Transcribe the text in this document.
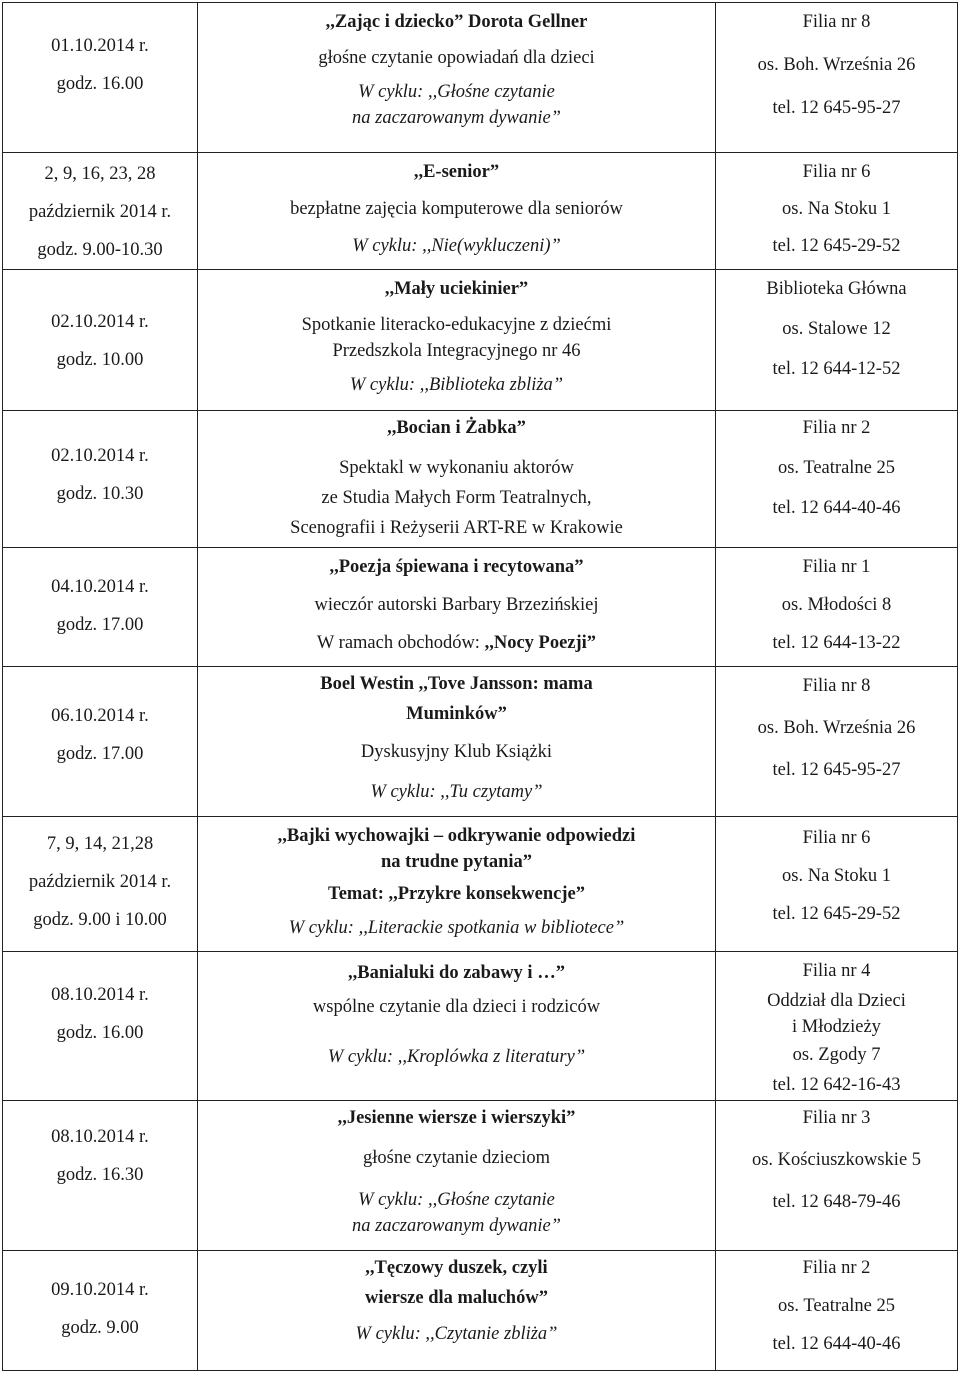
01.10.2014 r.
godz. 16.00	,,Zając i dziecko” Dorota Gellner
głośne czytanie opowiadań dla dzieci
W cyklu: ,,Głośne czytanie
na zaczarowanym dywanie”	Filia nr 8
os. Boh. Września 26
tel. 12 645-95-27

2, 9, 16, 23, 28
październik 2014 r.
godz. 9.00-10.30	,,E-senior”
bezpłatne zajęcia komputerowe dla seniorów
W cyklu: ,,Nie(wykluczeni)”	Filia nr 6
os. Na Stoku 1
tel. 12 645-29-52

02.10.2014 r.
godz. 10.00	,,Mały uciekinier”
Spotkanie literacko-edukacyjne z dziećmi
Przedszkola Integracyjnego nr 46
W cyklu: ,,Biblioteka zbliża”	Biblioteka Główna
os. Stalowe 12
tel. 12 644-12-52

02.10.2014 r.
godz. 10.30	,,Bocian i Żabka”
Spektakl w wykonaniu aktorów
ze Studia Małych Form Teatralnych,
Scenografii i Reżyserii ART-RE w Krakowie	Filia nr 2
os. Teatralne 25
tel. 12 644-40-46

04.10.2014 r.
godz. 17.00	,,Poezja śpiewana i recytowana”
wieczór autorski Barbary Brzezińskiej
W ramach obchodów: ,,Nocy Poezji”	Filia nr 1
os. Młodości 8
tel. 12 644-13-22

06.10.2014 r.
godz. 17.00	Boel Westin ,,Tove Jansson: mama
Muminków”
Dyskusyjny Klub Książki
W cyklu: ,,Tu czytamy”	Filia nr 8
os. Boh. Września 26
tel. 12 645-95-27

7, 9, 14, 21,28
październik 2014 r.
godz. 9.00 i 10.00	,,Bajki wychowajki – odkrywanie odpowiedzi
na trudne pytania”
Temat: ,,Przykre konsekwencje”
W cyklu: ,,Literackie spotkania w bibliotece”	Filia nr 6
os. Na Stoku 1
tel. 12 645-29-52

08.10.2014 r.
godz. 16.00	,,Banialuki do zabawy i …”
wspólne czytanie dla dzieci i rodziców
W cyklu: ,,Kroplówka z literatury”	Filia nr 4
Oddział dla Dzieci
i Młodzieży
os. Zgody 7
tel. 12 642-16-43

08.10.2014 r.
godz. 16.30	,,Jesienne wiersze i wierszyki”
głośne czytanie dzieciom
W cyklu: ,,Głośne czytanie
na zaczarowanym dywanie”	Filia nr 3
os. Kościuszkowskie 5
tel. 12 648-79-46

09.10.2014 r.
godz. 9.00	,,Tęczowy duszek, czyli
wiersze dla maluchów”
W cyklu: ,,Czytanie zbliża”	Filia nr 2
os. Teatralne 25
tel. 12 644-40-46
